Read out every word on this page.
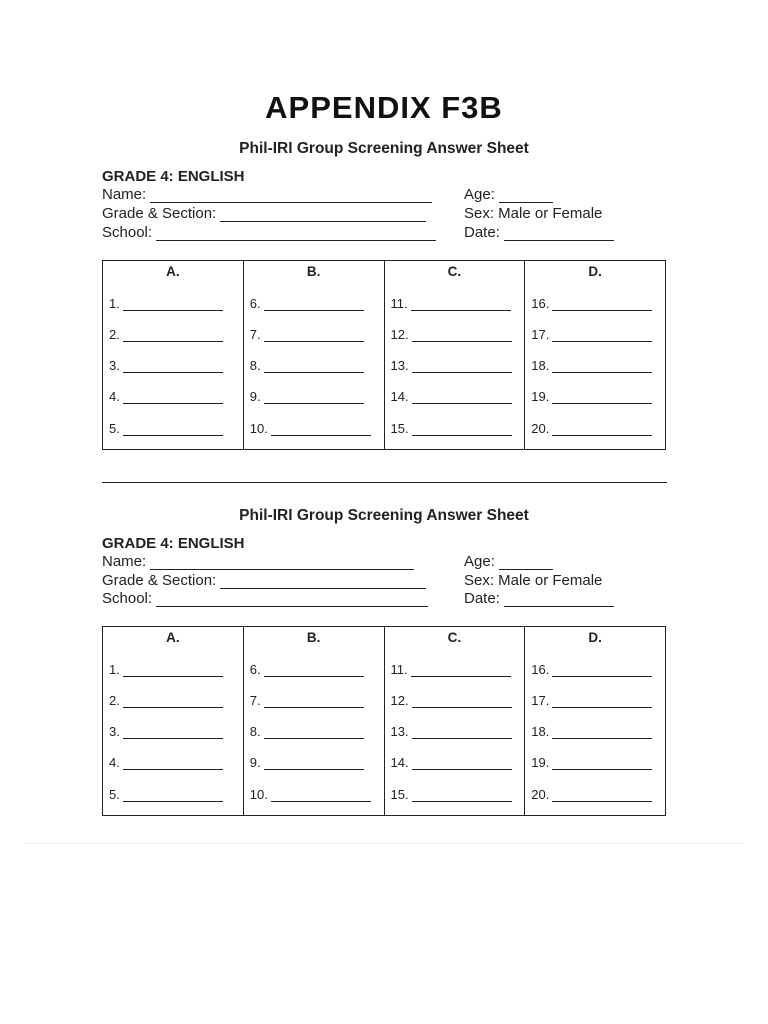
APPENDIX F3B
Phil-IRI Group Screening Answer Sheet
GRADE 4: ENGLISH
Name:
Grade & Section:
School:
Age:
Sex: Male or Female
Date:
A.
1.
2.
3.
4.
5.
B.
6.
7.
8.
9.
10.
C.
11.
12.
13.
14.
15.
D.
16.
17.
18.
19.
20.
Phil-IRI Group Screening Answer Sheet
GRADE 4: ENGLISH
Name:
Grade & Section:
School:
Age:
Sex: Male or Female
Date:
A.
1.
2.
3.
4.
5.
B.
6.
7.
8.
9.
10.
C.
11.
12.
13.
14.
15.
D.
16.
17.
18.
19.
20.
